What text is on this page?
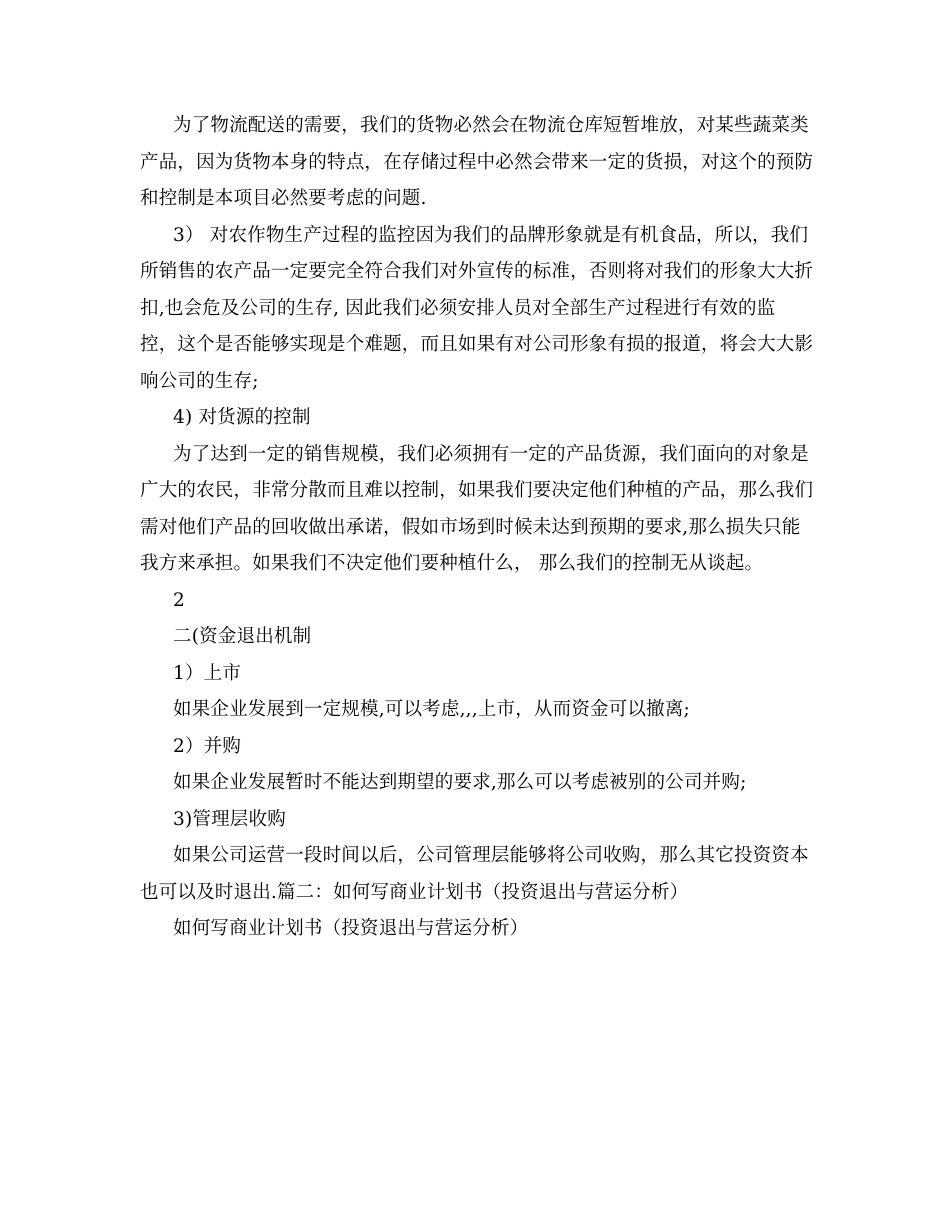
为了物流配送的需要，我们的货物必然会在物流仓库短暂堆放，对某些蔬菜类
产品，因为货物本身的特点，在存储过程中必然会带来一定的货损，对这个的预防
和控制是本项目必然要考虑的问题.
3） 对农作物生产过程的监控因为我们的品牌形象就是有机食品，所以，我们
所销售的农产品一定要完全符合我们对外宣传的标准，否则将对我们的形象大大折
扣,也会危及公司的生存, 因此我们必须安排人员对全部生产过程进行有效的监
控，这个是否能够实现是个难题，而且如果有对公司形象有损的报道，将会大大影
响公司的生存;
4) 对货源的控制
为了达到一定的销售规模，我们必须拥有一定的产品货源，我们面向的对象是
广大的农民，非常分散而且难以控制，如果我们要决定他们种植的产品，那么我们
需对他们产品的回收做出承诺，假如市场到时候未达到预期的要求,那么损失只能
我方来承担。如果我们不决定他们要种植什么， 那么我们的控制无从谈起。
2
二(资金退出机制
1）上市
如果企业发展到一定规模,可以考虑,,,上市，从而资金可以撤离;
2）并购
如果企业发展暂时不能达到期望的要求,那么可以考虑被别的公司并购;
3)管理层收购
如果公司运营一段时间以后，公司管理层能够将公司收购，那么其它投资资本
也可以及时退出.篇二：如何写商业计划书（投资退出与营运分析）
如何写商业计划书（投资退出与营运分析）
